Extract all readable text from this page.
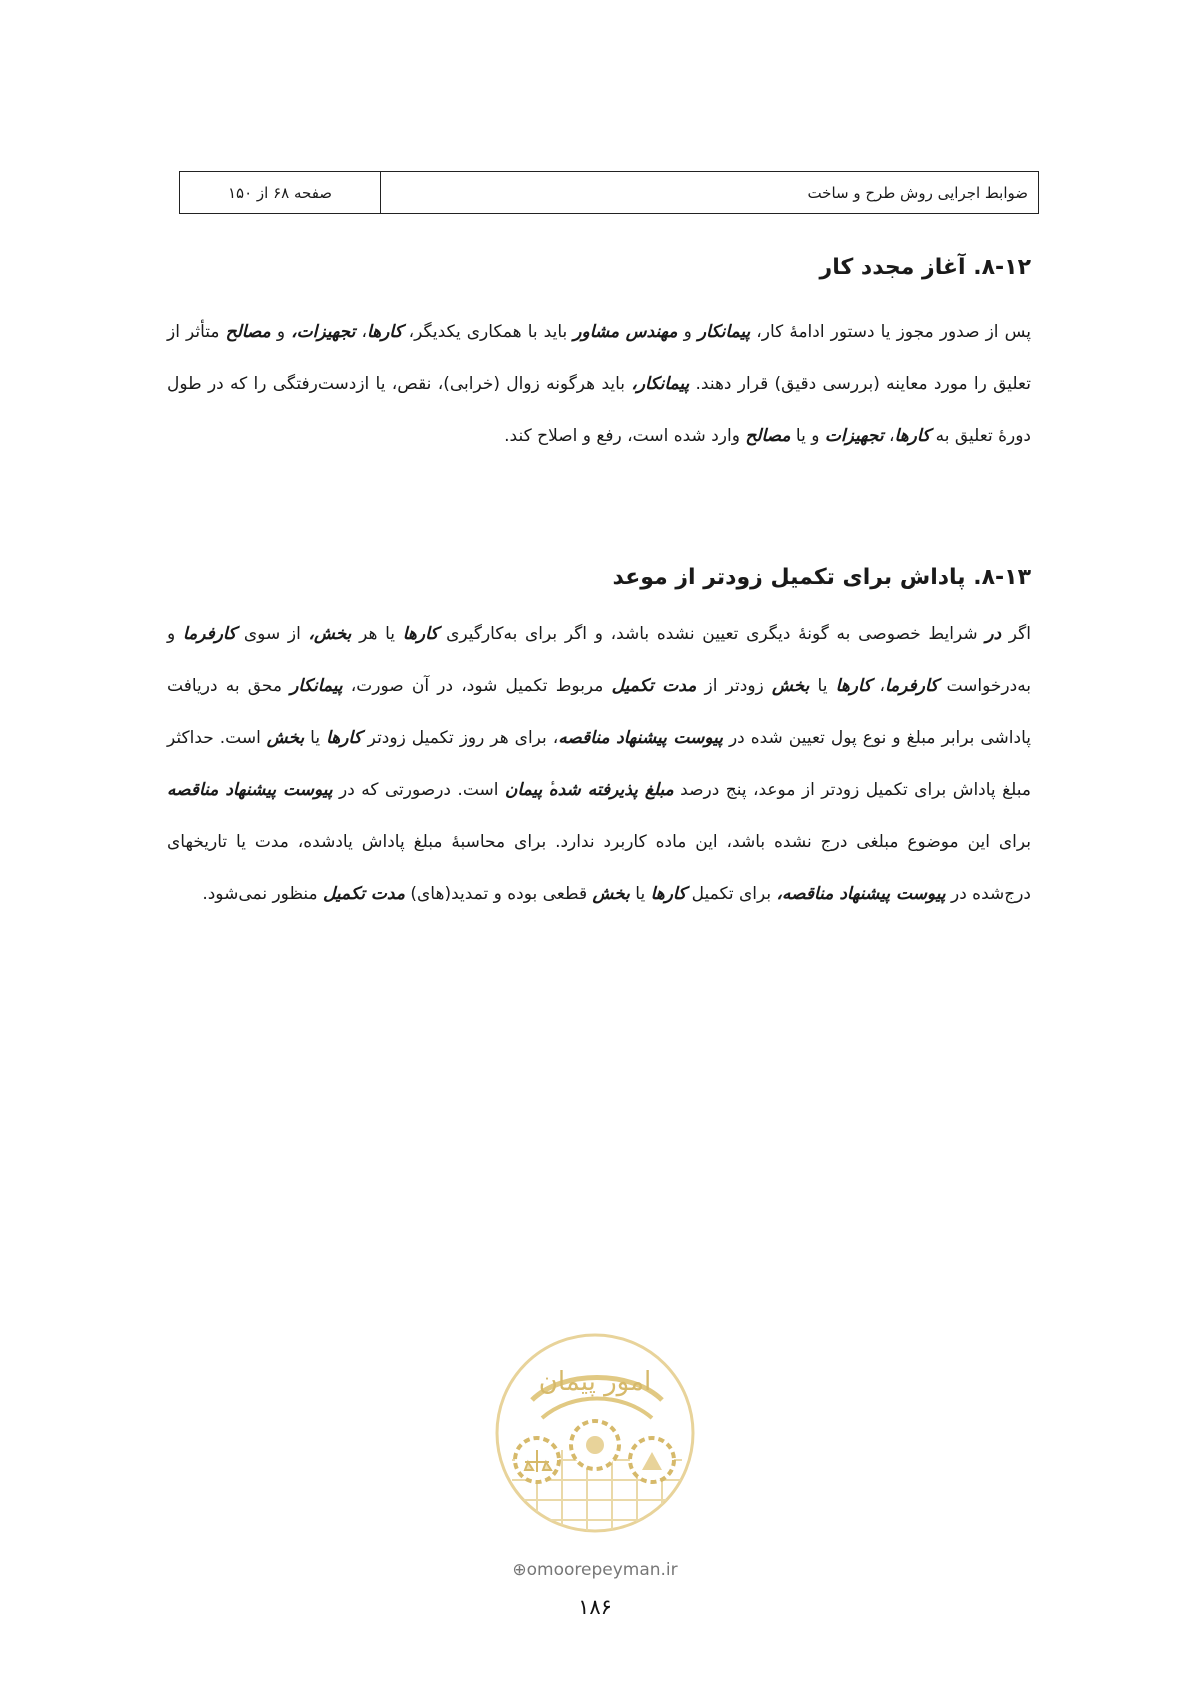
صفحه ۶۸ از ۱۵۰	ضوابط اجرایی روش طرح و ساخت
۸-۱۲. آغاز مجدد کار

پس از صدور مجوز یا دستور ادامهٔ کار، پیمانکار و مهندس مشاور باید با همکاری یکدیگر، کارها، تجهیزات، و مصالح متأثر از تعلیق را مورد معاینه (بررسی دقیق) قرار دهند. پیمانکار، باید هرگونه زوال (خرابی)، نقص، یا ازدست‌رفتگی را که در طول دورهٔ تعلیق به کارها، تجهیزات و یا مصالح وارد شده است، رفع و اصلاح کند.

۸-۱۳. پاداش برای تکمیل زودتر از موعد

اگر در شرایط خصوصی به گونهٔ دیگری تعیین نشده باشد، و اگر برای به‌کارگیری کارها یا هر بخش، از سوی کارفرما و به‌درخواست کارفرما، کارها یا بخش زودتر از مدت تکمیل مربوط تکمیل شود، در آن صورت، پیمانکار محق به دریافت پاداشی برابر مبلغ و نوع پول تعیین شده در پیوست پیشنهاد مناقصه، برای هر روز تکمیل زودتر کارها یا بخش است. حداکثر مبلغ پاداش برای تکمیل زودتر از موعد، پنج درصد مبلغ پذیرفته شدهٔ پیمان است. درصورتی که در پیوست پیشنهاد مناقصه برای این موضوع مبلغی درج نشده باشد، این ماده کاربرد ندارد. برای محاسبهٔ مبلغ پاداش یادشده، مدت یا تاریخهای درج‌شده در پیوست پیشنهاد مناقصه، برای تکمیل کارها یا بخش قطعی بوده و تمدید(های) مدت تکمیل منظور نمی‌شود.

امور پیمان
⊕omoorepeyman.ir
۱۸۶
